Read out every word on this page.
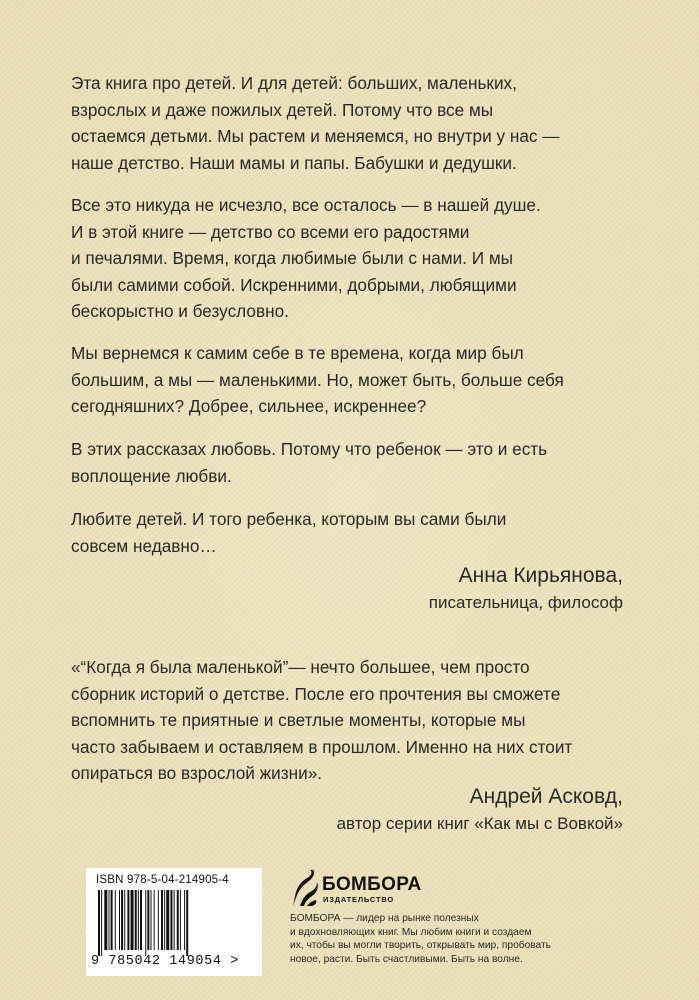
Эта книга про детей. И для детей: больших, маленьких,
взрослых и даже пожилых детей. Потому что все мы
остаемся детьми. Мы растем и меняемся, но внутри у нас —
наше детство. Наши мамы и папы. Бабушки и дедушки.

Все это никуда не исчезло, все осталось — в нашей душе.
И в этой книге — детство со всеми его радостями
и печалями. Время, когда любимые были с нами. И мы
были самими собой. Искренними, добрыми, любящими
бескорыстно и безусловно.

Мы вернемся к самим себе в те времена, когда мир был
большим, а мы — маленькими. Но, может быть, больше себя
сегодняшних? Добрее, сильнее, искреннее?

В этих рассказах любовь. Потому что ребенок — это и есть
воплощение любви.

Любите детей. И того ребенка, которым вы сами были
совсем недавно…

Анна Кирьянова,

писательница, философ

«“Когда я была маленькой”— нечто большее, чем просто
сборник историй о детстве. После его прочтения вы сможете
вспомнить те приятные и светлые моменты, которые мы
часто забываем и оставляем в прошлом. Именно на них стоит
опираться во взрослой жизни».

Андрей Асковд,

автор серии книг «Как мы с Вовкой»

ISBN 978-5-04-214905-4
9 785042 149054 >
БОМБОРА
ИЗДАТЕЛЬСТВО

БОМБОРА — лидер на рынке полезных
и вдохновляющих книг. Мы любим книги и создаем
их, чтобы вы могли творить, открывать мир, пробовать
новое, расти. Быть счастливыми. Быть на волне.
